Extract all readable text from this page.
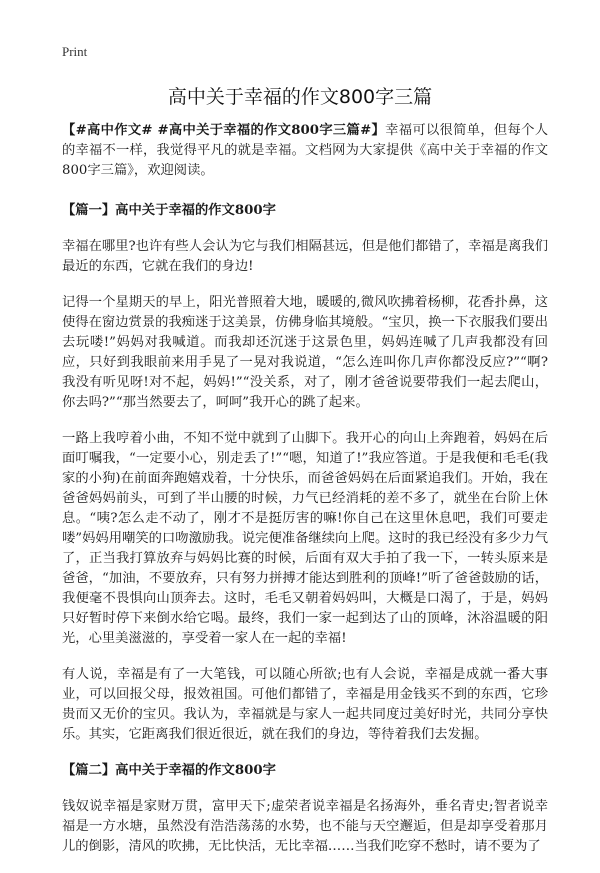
Print
高中关于幸福的作文800字三篇

【#高中作文# #高中关于幸福的作文800字三篇#】幸福可以很简单，但每个人的幸福不一样，我觉得平凡的就是幸福。文档网为大家提供《高中关于幸福的作文800字三篇》，欢迎阅读。

【篇一】高中关于幸福的作文800字

幸福在哪里?也许有些人会认为它与我们相隔甚远，但是他们都错了，幸福是离我们最近的东西，它就在我们的身边!

记得一个星期天的早上，阳光普照着大地，暖暖的,微风吹拂着杨柳，花香扑鼻，这使得在窗边赏景的我痴迷于这美景，仿佛身临其境般。“宝贝，换一下衣服我们要出去玩喽!”妈妈对我喊道。而我却还沉迷于这景色里，妈妈连喊了几声我都没有回应，只好到我眼前来用手晃了一晃对我说道，“怎么连叫你几声你都没反应?”“啊?我没有听见呀!对不起，妈妈!”“没关系，对了，刚才爸爸说要带我们一起去爬山，你去吗?”“那当然要去了，呵呵”我开心的跳了起来。

一路上我哼着小曲，不知不觉中就到了山脚下。我开心的向山上奔跑着，妈妈在后面叮嘱我，“一定要小心，别走丢了!”“嗯，知道了!”我应答道。于是我便和毛毛(我家的小狗)在前面奔跑嬉戏着，十分快乐，而爸爸妈妈在后面紧追我们。开始，我在爸爸妈妈前头，可到了半山腰的时候，力气已经消耗的差不多了，就坐在台阶上休息。“咦?怎么走不动了，刚才不是挺厉害的嘛!你自己在这里休息吧，我们可要走喽”妈妈用嘲笑的口吻激励我。说完便准备继续向上爬。这时的我已经没有多少力气了，正当我打算放弃与妈妈比赛的时候，后面有双大手拍了我一下，一转头原来是爸爸，“加油，不要放弃，只有努力拼搏才能达到胜利的顶峰!”听了爸爸鼓励的话，我便毫不畏惧向山顶奔去。这时，毛毛又朝着妈妈叫，大概是口渴了，于是，妈妈只好暂时停下来倒水给它喝。最终，我们一家一起到达了山的顶峰，沐浴温暖的阳光，心里美滋滋的，享受着一家人在一起的幸福!

有人说，幸福是有了一大笔钱，可以随心所欲;也有人会说，幸福是成就一番大事业，可以回报父母，报效祖国。可他们都错了，幸福是用金钱买不到的东西，它珍贵而又无价的宝贝。我认为，幸福就是与家人一起共同度过美好时光，共同分享快乐。其实，它距离我们很近很近，就在我们的身边，等待着我们去发掘。

【篇二】高中关于幸福的作文800字

钱奴说幸福是家财万贯，富甲天下;虚荣者说幸福是名扬海外，垂名青史;智者说幸福是一方水塘，虽然没有浩浩荡荡的水势，也不能与天空邂逅，但是却享受着那月儿的倒影，清风的吹拂，无比快活，无比幸福……当我们吃穿不愁时，请不要为了
